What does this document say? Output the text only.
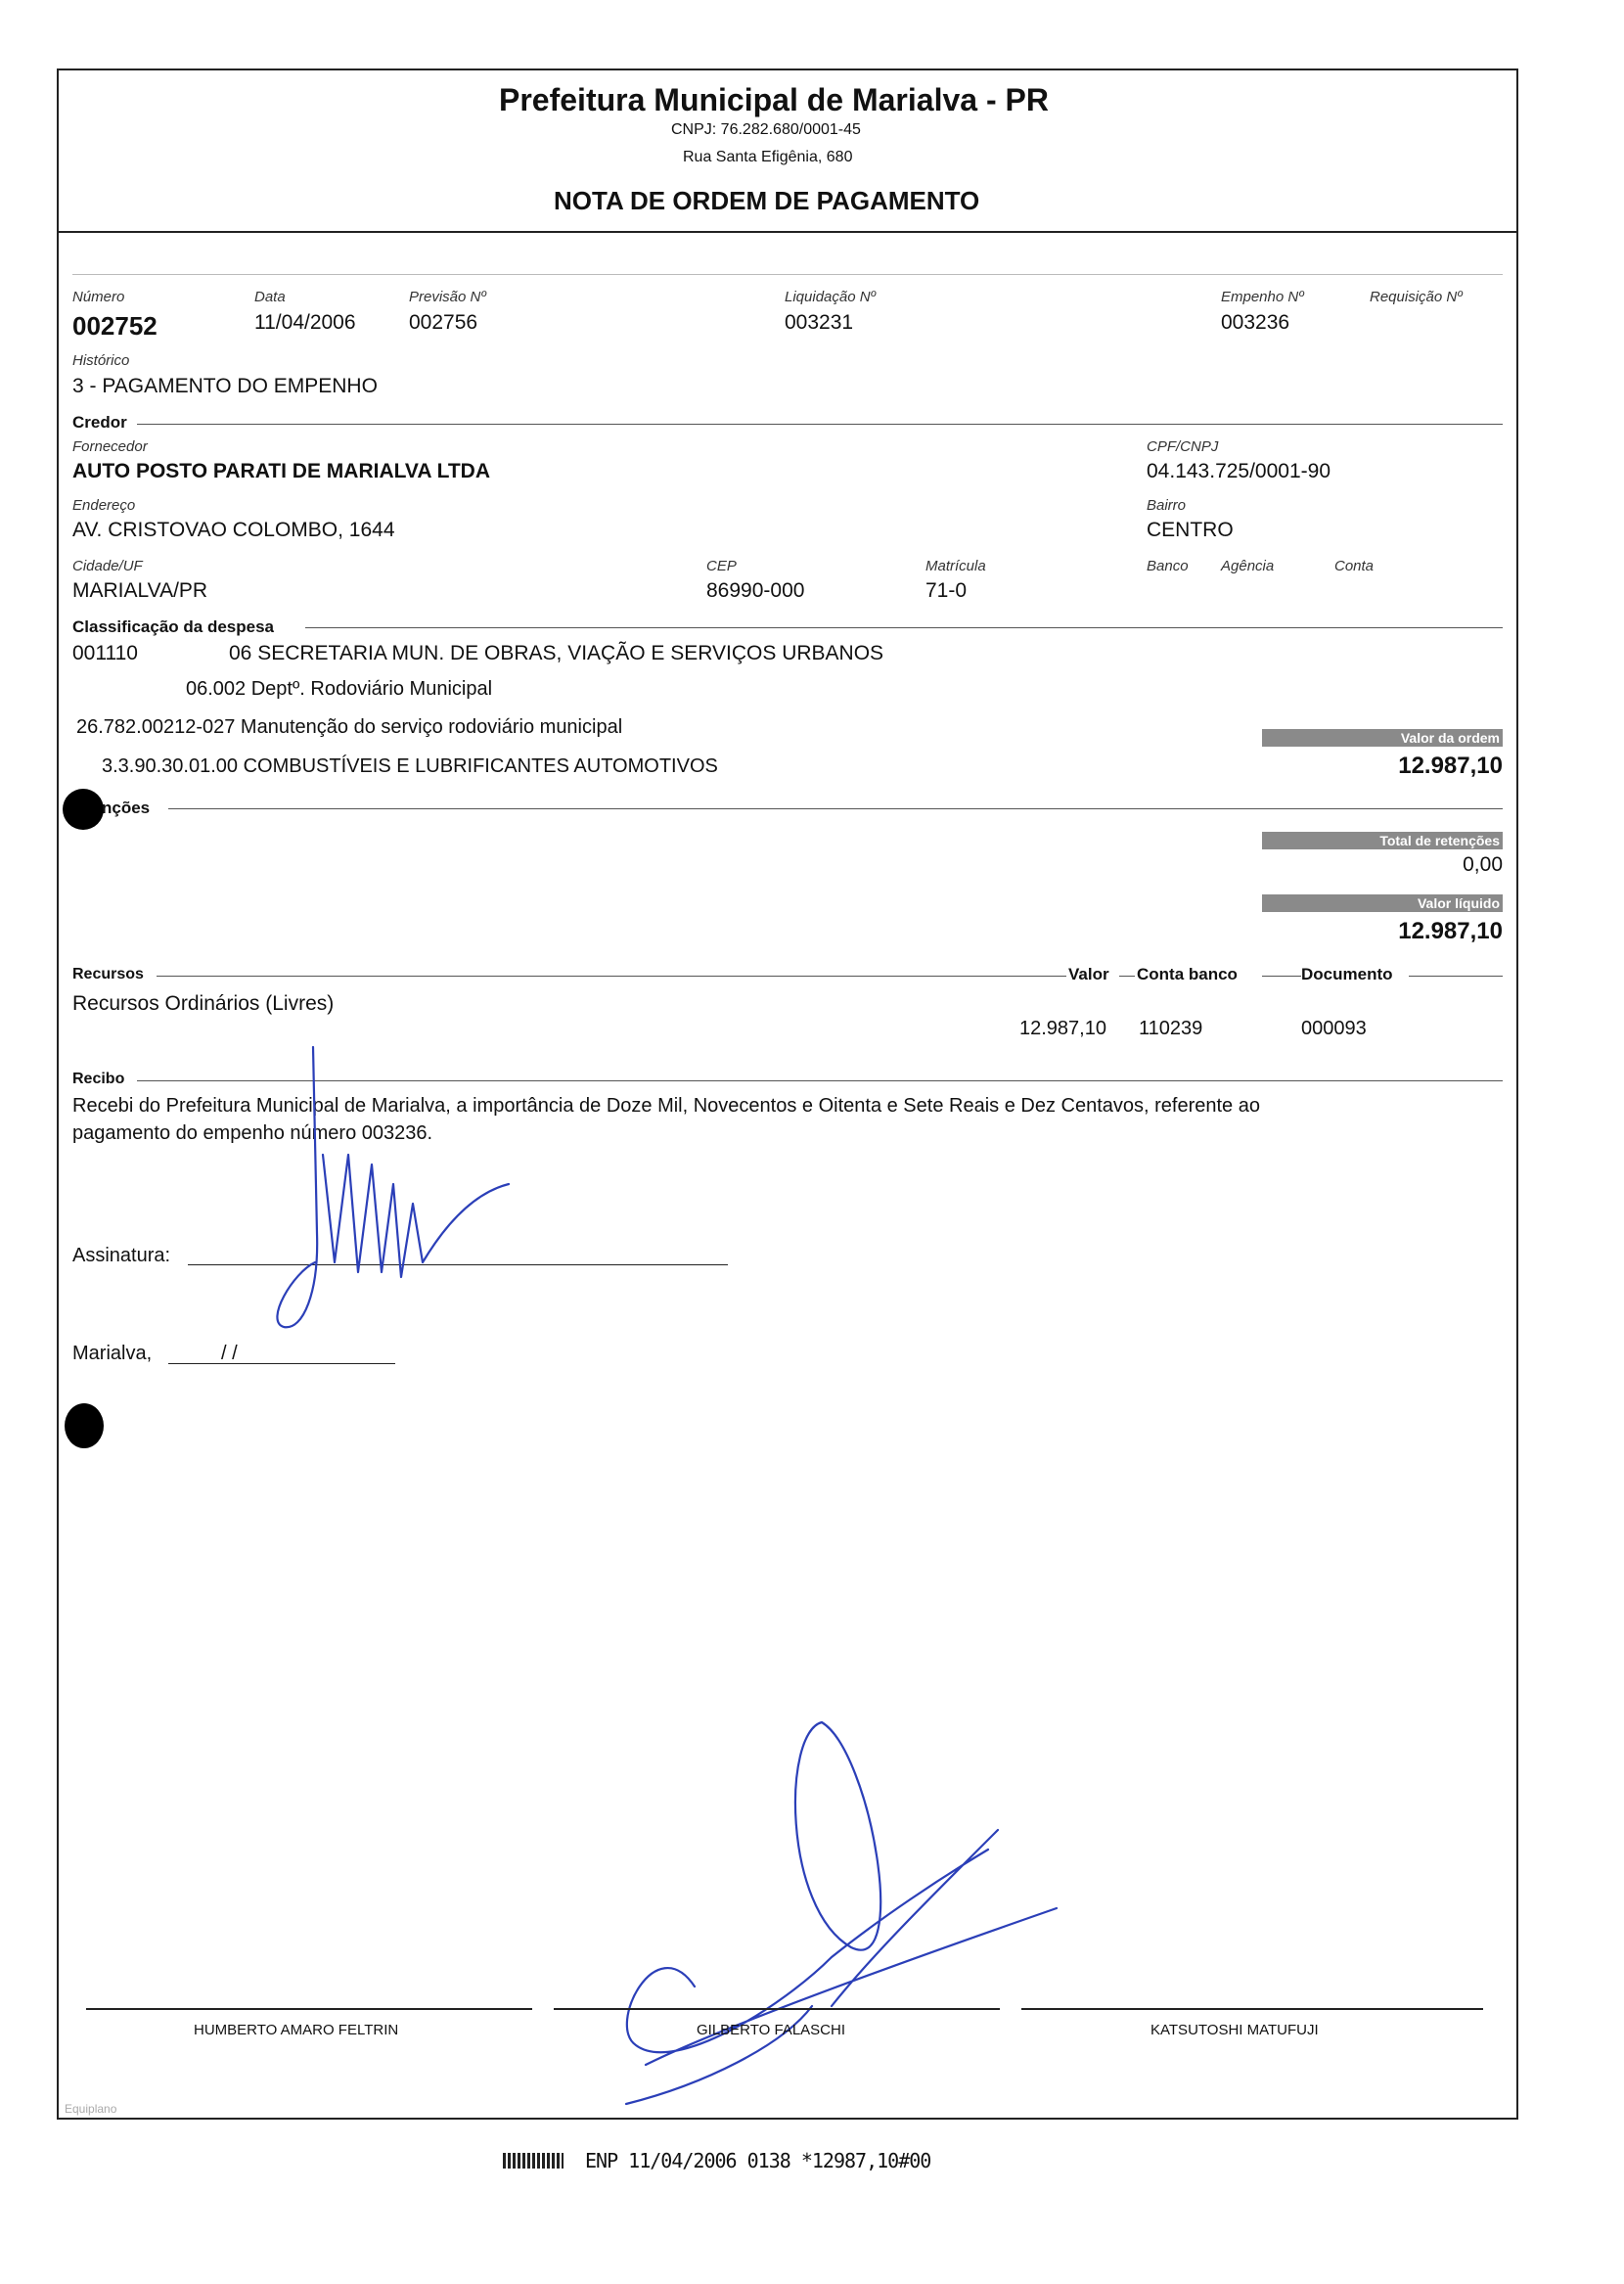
Prefeitura Municipal de Marialva - PR
CNPJ: 76.282.680/0001-45
Rua Santa Efigênia, 680
NOTA DE ORDEM DE PAGAMENTO
Número
002752
Data
11/04/2006
Previsão Nº
002756
Liquidação Nº
003231
Empenho Nº
003236
Requisição Nº
Histórico
3 - PAGAMENTO DO EMPENHO
Credor
Fornecedor
AUTO POSTO PARATI DE MARIALVA LTDA
CPF/CNPJ
04.143.725/0001-90
Endereço
AV. CRISTOVAO COLOMBO, 1644
Bairro
CENTRO
Cidade/UF
MARIALVA/PR
CEP
86990-000
Matrícula
71-0
Banco Agência	Conta
Classificação da despesa
001110	06 SECRETARIA MUN. DE OBRAS, VIAÇÃO E SERVIÇOS URBANOS
06.002 Deptº. Rodoviário Municipal
26.782.00212-027 Manutenção do serviço rodoviário municipal
3.3.90.30.01.00 COMBUSTÍVEIS E LUBRIFICANTES AUTOMOTIVOS
Valor da ordem
12.987,10
nções
Total de retenções
0,00
Valor líquido
12.987,10
Recursos	Valor Conta banco	Documento
Recursos Ordinários (Livres)
12.987,10 110239	000093
Recibo
Recebi do Prefeitura Municipal de Marialva, a importância de Doze Mil, Novecentos e Oitenta e Sete Reais e Dez Centavos, referente ao
pagamento do empenho número 003236.
Assinatura:
Marialva,	/ /
HUMBERTO AMARO FELTRIN	GILBERTO FALASCHI	KATSUTOSHI MATUFUJI
Equiplano
ENP 11/04/2006 0138 *12987,10#00
